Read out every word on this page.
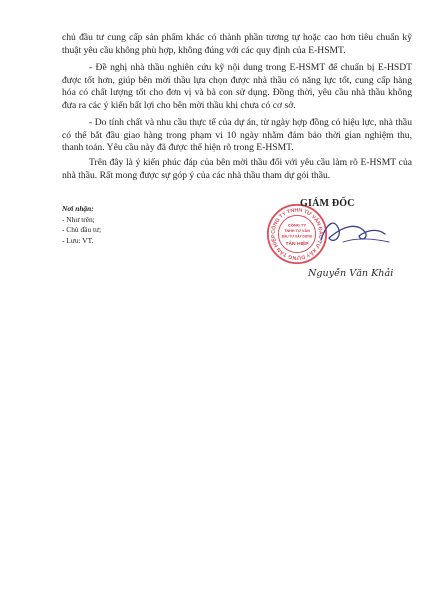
chủ đầu tư cung cấp sản phẩm khác có thành phần tương tự hoặc cao hơn tiêu chuẩn kỹ thuật yêu cầu không phù hợp, không đúng với các quy định của E-HSMT.

- Đề nghị nhà thầu nghiên cứu kỹ nội dung trong E-HSMT để chuẩn bị E-HSDT được tốt hơn, giúp bên mời thầu lựa chọn được nhà thầu có năng lực tốt, cung cấp hàng hóa có chất lượng tốt cho đơn vị và bà con sử dụng. Đồng thời, yêu cầu nhà thầu không đưa ra các ý kiến bất lợi cho bên mời thầu khi chưa có cơ sở.

- Do tính chất và nhu cầu thực tế của dự án, từ ngày hợp đồng có hiệu lực, nhà thầu có thể bắt đầu giao hàng trong phạm vi 10 ngày nhằm đảm bảo thời gian nghiệm thu, thanh toán. Yêu cầu này đã được thể hiện rõ trong E-HSMT.

Trên đây là ý kiến phúc đáp của bên mời thầu đối với yêu cầu làm rõ E-HSMT của nhà thầu. Rất mong được sự góp ý của các nhà thầu tham dự gói thầu.

Nơi nhận:
- Như trên;
- Chủ đầu tư;
- Lưu: VT.
CÔNG TY TNHH TƯ VẤN ĐẦU TƯ XÂY DỰNG TÂN HIỆP
CÔNG TY
TNHH TƯ VẤN
ĐẦU TƯ XÂY DỰNG
TÂN HIỆP
GIÁM ĐỐC
Nguyễn Văn Khải
